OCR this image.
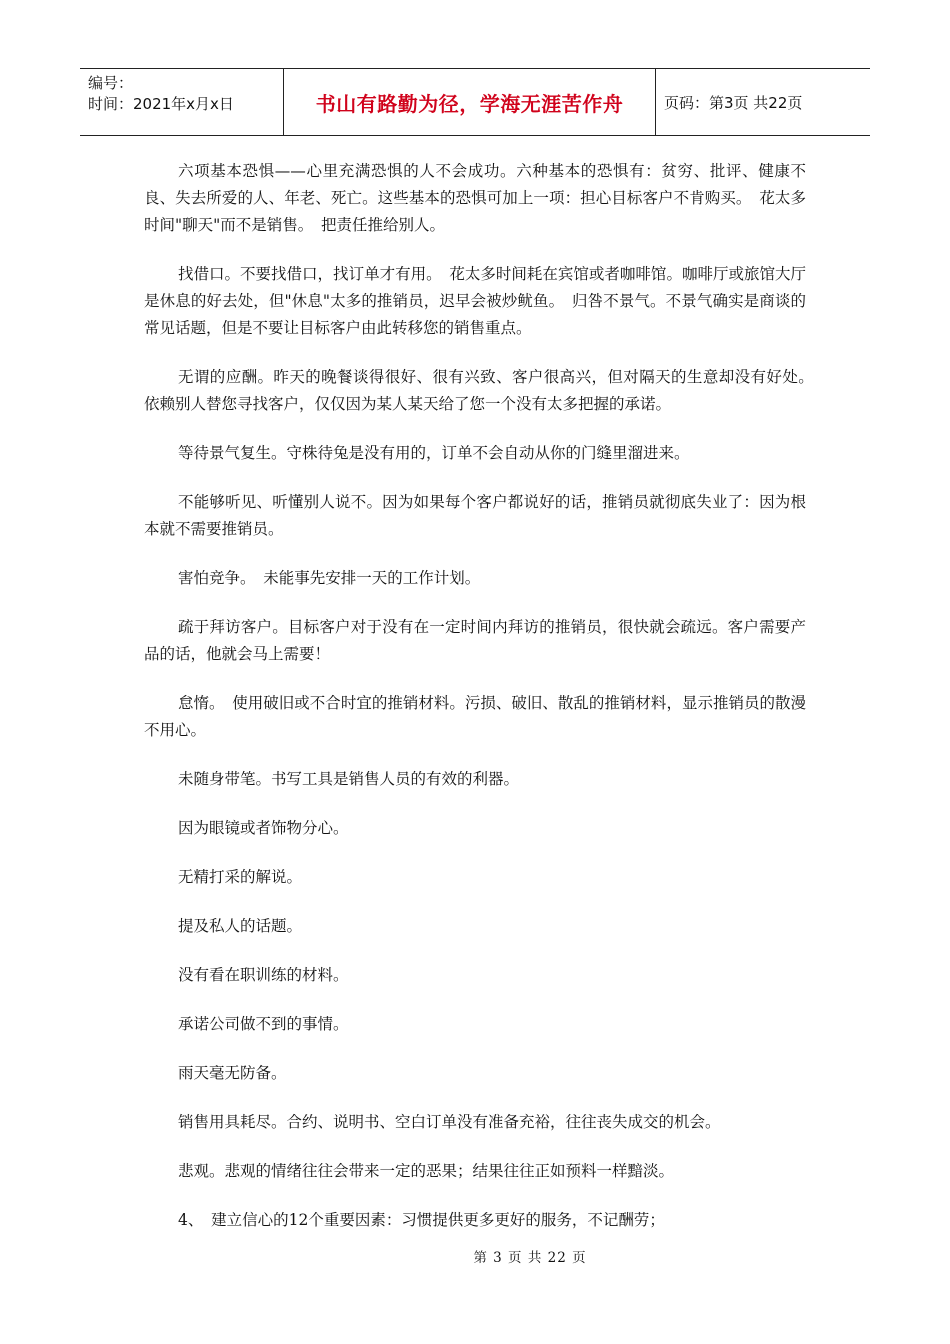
编号：
时间：2021年x月x日	书山有路勤为径，学海无涯苦作舟	页码：第3页 共22页

六项基本恐惧——心里充满恐惧的人不会成功。六种基本的恐惧有：贫穷、批评、健康不良、失去所爱的人、年老、死亡。这些基本的恐惧可加上一项：担心目标客户不肯购买。　花太多时间"聊天"而不是销售。　把责任推给别人。

找借口。不要找借口，找订单才有用。　花太多时间耗在宾馆或者咖啡馆。咖啡厅或旅馆大厅是休息的好去处，但"休息"太多的推销员，迟早会被炒鱿鱼。　归咎不景气。不景气确实是商谈的常见话题，但是不要让目标客户由此转移您的销售重点。

无谓的应酬。昨天的晚餐谈得很好、很有兴致、客户很高兴，但对隔天的生意却没有好处。　依赖别人替您寻找客户，仅仅因为某人某天给了您一个没有太多把握的承诺。

等待景气复生。守株待兔是没有用的，订单不会自动从你的门缝里溜进来。

不能够听见、听懂别人说不。因为如果每个客户都说好的话，推销员就彻底失业了：因为根本就不需要推销员。

害怕竞争。　未能事先安排一天的工作计划。

疏于拜访客户。目标客户对于没有在一定时间内拜访的推销员，很快就会疏远。客户需要产品的话，他就会马上需要！

怠惰。　使用破旧或不合时宜的推销材料。污损、破旧、散乱的推销材料，显示推销员的散漫不用心。

未随身带笔。书写工具是销售人员的有效的利器。

因为眼镜或者饰物分心。

无精打采的解说。

提及私人的话题。

没有看在职训练的材料。

承诺公司做不到的事情。

雨天毫无防备。

销售用具耗尽。合约、说明书、空白订单没有准备充裕，往往丧失成交的机会。

悲观。悲观的情绪往往会带来一定的恶果；结果往往正如预料一样黯淡。

4、　建立信心的12个重要因素：习惯提供更多更好的服务，不记酬劳；

第 3 页 共 22 页
